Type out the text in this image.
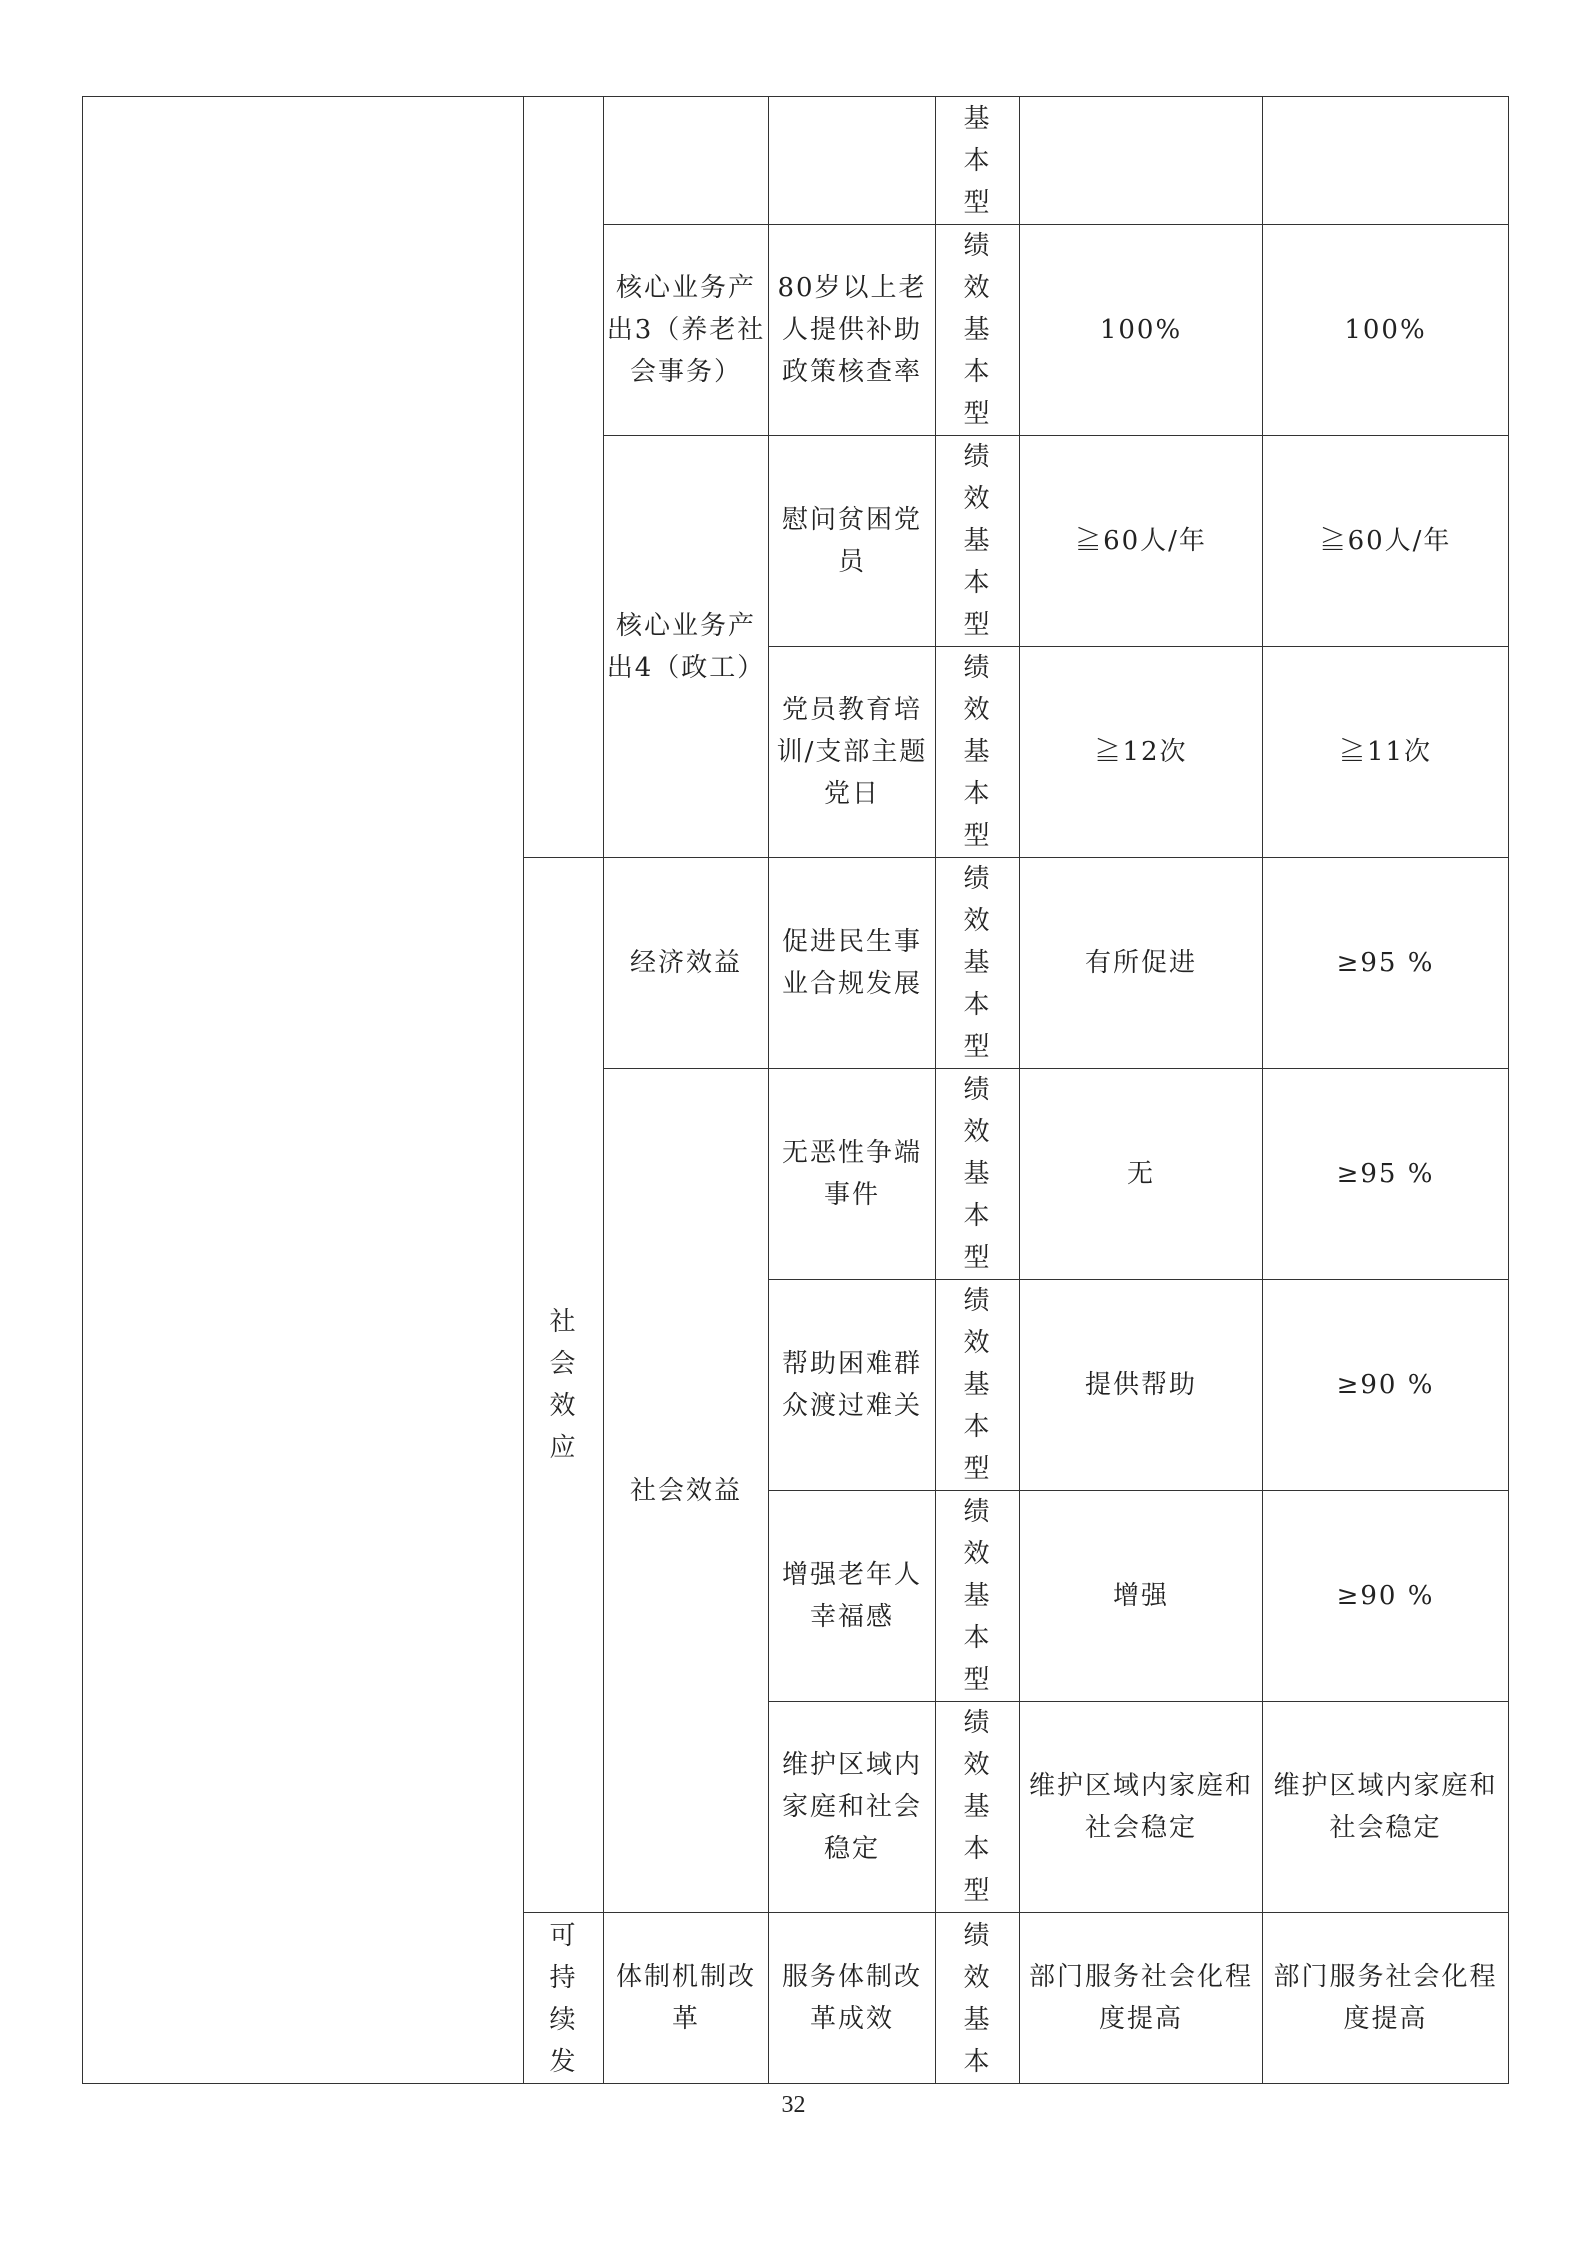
				基本型		
		核心业务产出3（养老社会事务）	80岁以上老人提供补助政策核查率	绩效基本型	100%	100%
		核心业务产出4（政工）	慰问贫困党员	绩效基本型	≧60人/年	≧60人/年
			党员教育培训/支部主题党日	绩效基本型	≧12次	≧11次
	社会效应	经济效益	促进民生事业合规发展	绩效基本型	有所促进	≥95 %
		社会效益	无恶性争端事件	绩效基本型	无	≥95 %
			帮助困难群众渡过难关	绩效基本型	提供帮助	≥90 %
			增强老年人幸福感	绩效基本型	增强	≥90 %
			维护区域内家庭和社会稳定	绩效基本型	维护区域内家庭和社会稳定	维护区域内家庭和社会稳定
	可持续发	体制机制改革	服务体制改革成效	绩效基本	部门服务社会化程度提高	部门服务社会化程度提高
32
